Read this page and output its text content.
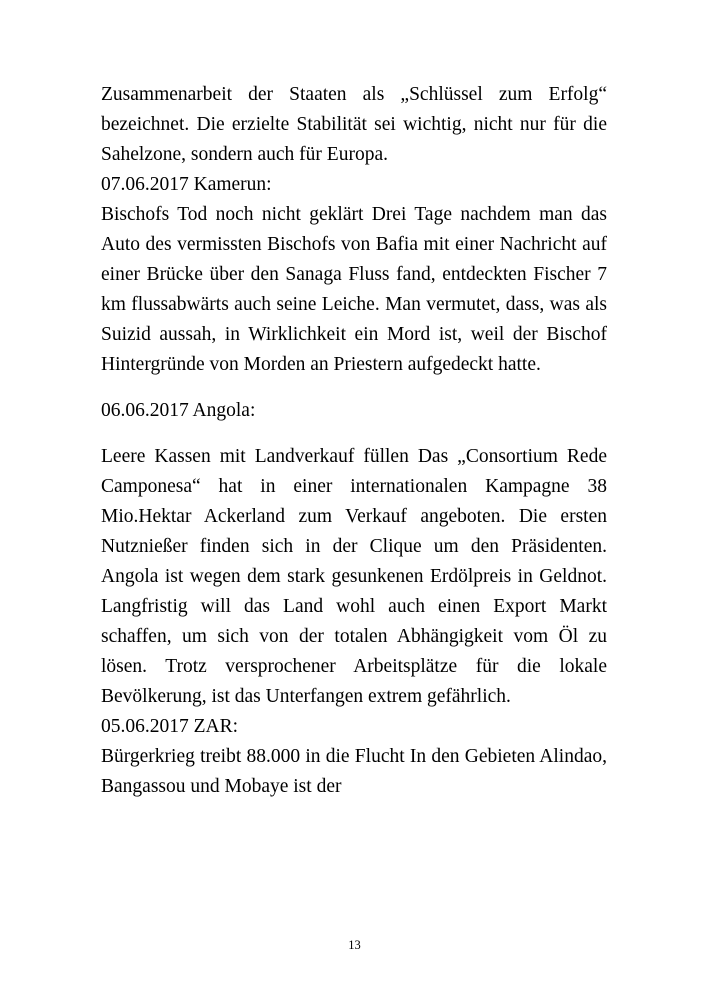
Zusammenarbeit der Staaten als „Schlüssel zum Erfolg“ bezeichnet. Die erzielte Stabilität sei wichtig, nicht nur für die Sahelzone, sondern auch für Europa.

07.06.2017 Kamerun:

Bischofs Tod noch nicht geklärt Drei Tage nachdem man das Auto des vermissten Bischofs von Bafia mit einer Nachricht auf einer Brücke über den Sanaga Fluss fand, entdeckten Fischer 7 km flussabwärts auch seine Leiche. Man vermutet, dass, was als Suizid aussah, in Wirklichkeit ein Mord ist, weil der Bischof Hintergründe von Morden an Priestern aufgedeckt hatte.

06.06.2017 Angola:

Leere Kassen mit Landverkauf füllen Das „Consortium Rede Camponesa“ hat in einer internationalen Kampagne 38 Mio.Hektar Ackerland zum Verkauf angeboten. Die ersten Nutznießer finden sich in der Clique um den Präsidenten. Angola ist wegen dem stark gesunkenen Erdölpreis in Geldnot. Langfristig will das Land wohl auch einen Export Markt schaffen, um sich von der totalen Abhängigkeit vom Öl zu lösen. Trotz versprochener Arbeitsplätze für die lokale Bevölkerung, ist das Unterfangen extrem gefährlich.

05.06.2017 ZAR:

Bürgerkrieg treibt 88.000 in die Flucht In den Gebieten Alindao, Bangassou und Mobaye ist der

13
